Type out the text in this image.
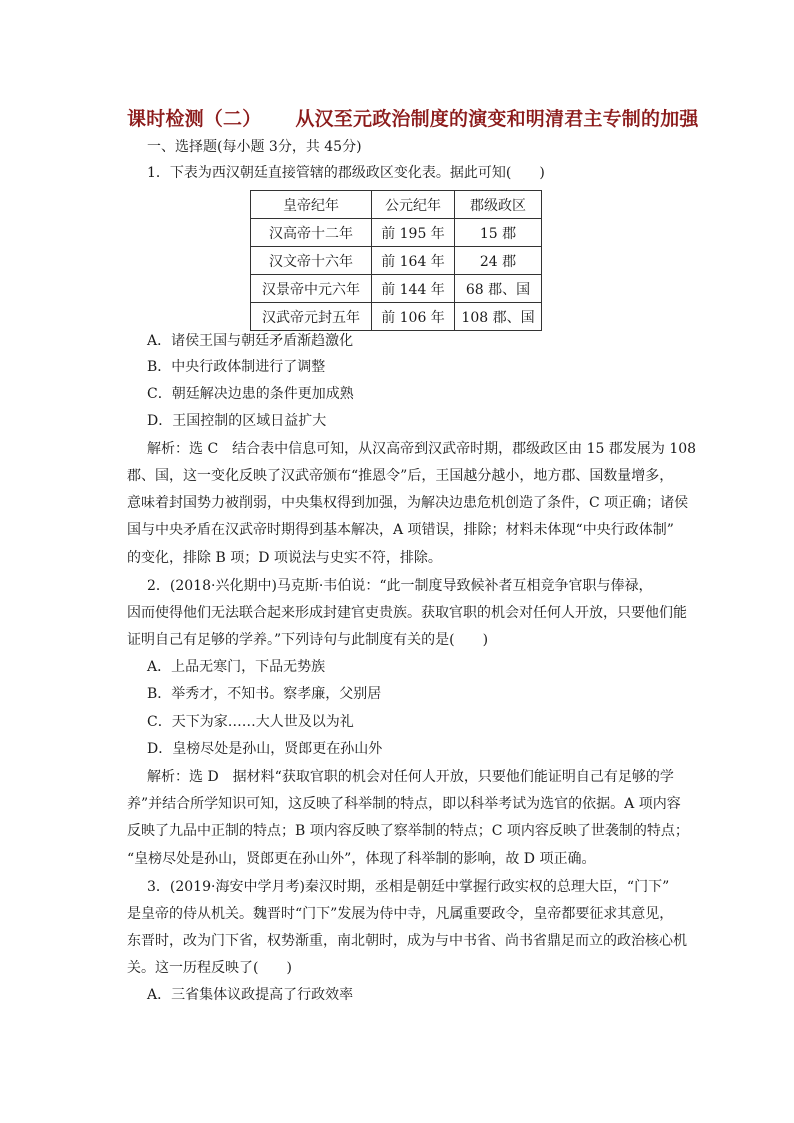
课时检测（二） 从汉至元政治制度的演变和明清君主专制的加强
一、选择题(每小题 3分，共 45分)
1．下表为西汉朝廷直接管辖的郡级政区变化表。据此可知(　　)
皇帝纪年	公元纪年	郡级政区
汉高帝十二年	前 195 年	15 郡
汉文帝十六年	前 164 年	24 郡
汉景帝中元六年	前 144 年	68 郡、国
汉武帝元封五年	前 106 年	108 郡、国
A．诸侯王国与朝廷矛盾渐趋激化
B．中央行政体制进行了调整
C．朝廷解决边患的条件更加成熟
D．王国控制的区域日益扩大
解析：选 C　结合表中信息可知，从汉高帝到汉武帝时期，郡级政区由 15 郡发展为 108
郡、国，这一变化反映了汉武帝颁布“推恩令”后，王国越分越小，地方郡、国数量增多，
意味着封国势力被削弱，中央集权得到加强，为解决边患危机创造了条件，C 项正确；诸侯
国与中央矛盾在汉武帝时期得到基本解决，A 项错误，排除；材料未体现“中央行政体制”
的变化，排除 B 项；D 项说法与史实不符，排除。
2．(2018·兴化期中)马克斯·韦伯说：“此一制度导致候补者互相竞争官职与俸禄，
因而使得他们无法联合起来形成封建官吏贵族。获取官职的机会对任何人开放，只要他们能
证明自己有足够的学养。”下列诗句与此制度有关的是(　　)
A．上品无寒门，下品无势族
B．举秀才，不知书。察孝廉，父别居
C．天下为家……大人世及以为礼
D．皇榜尽处是孙山，贤郎更在孙山外
解析：选 D　据材料“获取官职的机会对任何人开放，只要他们能证明自己有足够的学
养”并结合所学知识可知，这反映了科举制的特点，即以科举考试为选官的依据。A 项内容
反映了九品中正制的特点；B 项内容反映了察举制的特点；C 项内容反映了世袭制的特点；
“皇榜尽处是孙山，贤郎更在孙山外”，体现了科举制的影响，故 D 项正确。
3．(2019·海安中学月考)秦汉时期，丞相是朝廷中掌握行政实权的总理大臣，“门下”
是皇帝的侍从机关。魏晋时“门下”发展为侍中寺，凡属重要政令，皇帝都要征求其意见，
东晋时，改为门下省，权势渐重，南北朝时，成为与中书省、尚书省鼎足而立的政治核心机
关。这一历程反映了(　　)
A．三省集体议政提高了行政效率
